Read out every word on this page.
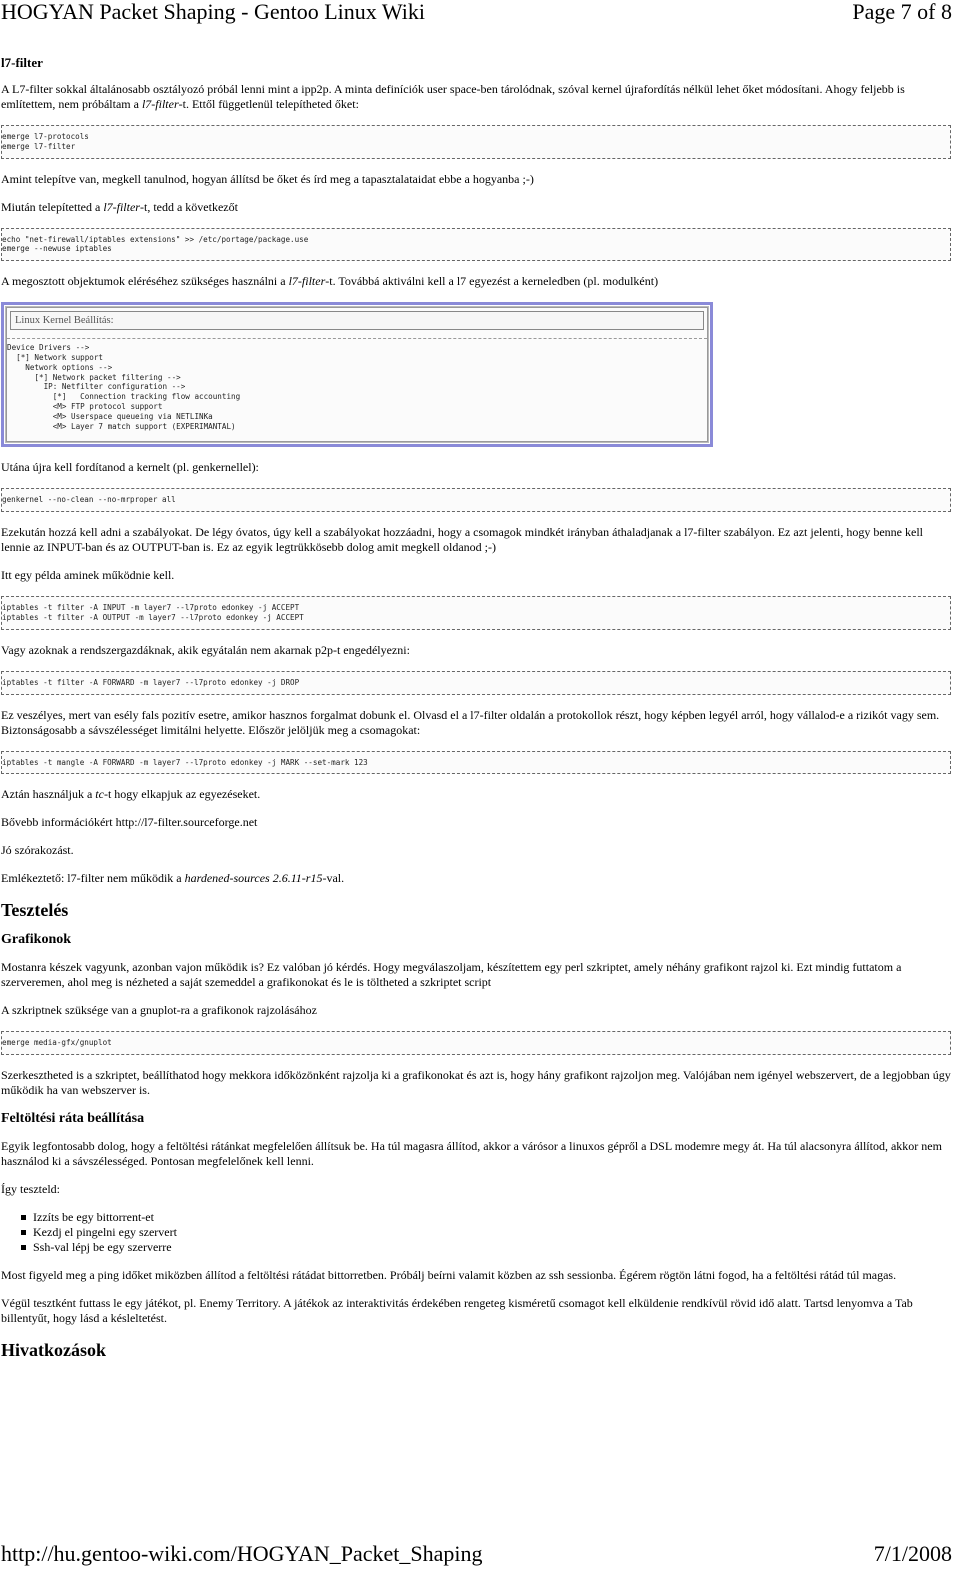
HOGYAN Packet Shaping - Gentoo Linux Wiki	Page 7 of 8
l7-filter

A L7-filter sokkal általánosabb osztályozó próbál lenni mint a ipp2p. A minta definíciók user space-ben tárolódnak, szóval kernel újrafordítás nélkül lehet őket módosítani. Ahogy feljebb is említettem, nem próbáltam a l7-filter-t. Ettől függetlenül telepítheted őket:

emerge l7-protocols
emerge l7-filter

Amint telepítve van, megkell tanulnod, hogyan állítsd be őket és írd meg a tapasztalataidat ebbe a hogyanba ;-)

Miután telepítetted a l7-filter-t, tedd a következőt

echo "net-firewall/iptables extensions" >> /etc/portage/package.use
emerge --newuse iptables

A megosztott objektumok eléréséhez szükséges használni a l7-filter-t. Továbbá aktiválni kell a l7 egyezést a kerneledben (pl. modulként)

Linux Kernel Beállítás:
Device Drivers -->
[*] Network support
Network options -->
[*] Network packet filtering -->
IP: Netfilter configuration -->
[*]   Connection tracking flow accounting
<M> FTP protocol support
<M> Userspace queueing via NETLINKa
<M> Layer 7 match support (EXPERIMANTAL)

Utána újra kell fordítanod a kernelt (pl. genkernellel):

genkernel --no-clean --no-mrproper all

Ezekután hozzá kell adni a szabályokat. De légy óvatos, úgy kell a szabályokat hozzáadni, hogy a csomagok mindkét irányban áthaladjanak a l7-filter szabályon. Ez azt jelenti, hogy benne kell lennie az INPUT-ban és az OUTPUT-ban is. Ez az egyik legtrükkösebb dolog amit megkell oldanod ;-)

Itt egy példa aminek működnie kell.

iptables -t filter -A INPUT -m layer7 --l7proto edonkey -j ACCEPT
iptables -t filter -A OUTPUT -m layer7 --l7proto edonkey -j ACCEPT

Vagy azoknak a rendszergazdáknak, akik egyátalán nem akarnak p2p-t engedélyezni:

iptables -t filter -A FORWARD -m layer7 --l7proto edonkey -j DROP

Ez veszélyes, mert van esély fals pozitív esetre, amikor hasznos forgalmat dobunk el. Olvasd el a l7-filter oldalán a protokollok részt, hogy képben legyél arról, hogy vállalod-e a rizikót vagy sem. Biztonságosabb a sávszélességet limitálni helyette. Először jelöljük meg a csomagokat:

iptables -t mangle -A FORWARD -m layer7 --l7proto edonkey -j MARK --set-mark 123

Aztán használjuk a tc-t hogy elkapjuk az egyezéseket.

Bővebb információkért http://l7-filter.sourceforge.net

Jó szórakozást.

Emlékeztető: l7-filter nem működik a hardened-sources 2.6.11-r15-val.

Tesztelés
Grafikonok

Mostanra készek vagyunk, azonban vajon működik is? Ez valóban jó kérdés. Hogy megválaszoljam, készítettem egy perl szkriptet, amely néhány grafikont rajzol ki. Ezt mindig futtatom a szerveremen, ahol meg is nézheted a saját szemeddel a grafikonokat és le is töltheted a szkriptet script

A szkriptnek szüksége van a gnuplot-ra a grafikonok rajzolásához

emerge media-gfx/gnuplot

Szerkesztheted is a szkriptet, beállíthatod hogy mekkora időközönként rajzolja ki a grafikonokat és azt is, hogy hány grafikont rajzoljon meg. Valójában nem igényel webszervert, de a legjobban úgy működik ha van webszerver is.

Feltöltési ráta beállítása

Egyik legfontosabb dolog, hogy a feltöltési rátánkat megfelelően állítsuk be. Ha túl magasra állítod, akkor a várósor a linuxos gépről a DSL modemre megy át. Ha túl alacsonyra állítod, akkor nem használod ki a sávszélességed. Pontosan megfelelőnek kell lenni.

Így teszteld:

Izzíts be egy bittorrent-et
Kezdj el pingelni egy szervert
Ssh-val lépj be egy szerverre

Most figyeld meg a ping időket miközben állítod a feltöltési rátádat bittorretben. Próbálj beírni valamit közben az ssh sessionba. Égérem rögtön látni fogod, ha a feltöltési rátád túl magas.

Végül tesztként futtass le egy játékot, pl. Enemy Territory. A játékok az interaktivitás érdekében rengeteg kisméretű csomagot kell elküldenie rendkívül rövid idő alatt. Tartsd lenyomva a Tab billentyűt, hogy lásd a késleltetést.

Hivatkozások
http://hu.gentoo-wiki.com/HOGYAN_Packet_Shaping	7/1/2008
